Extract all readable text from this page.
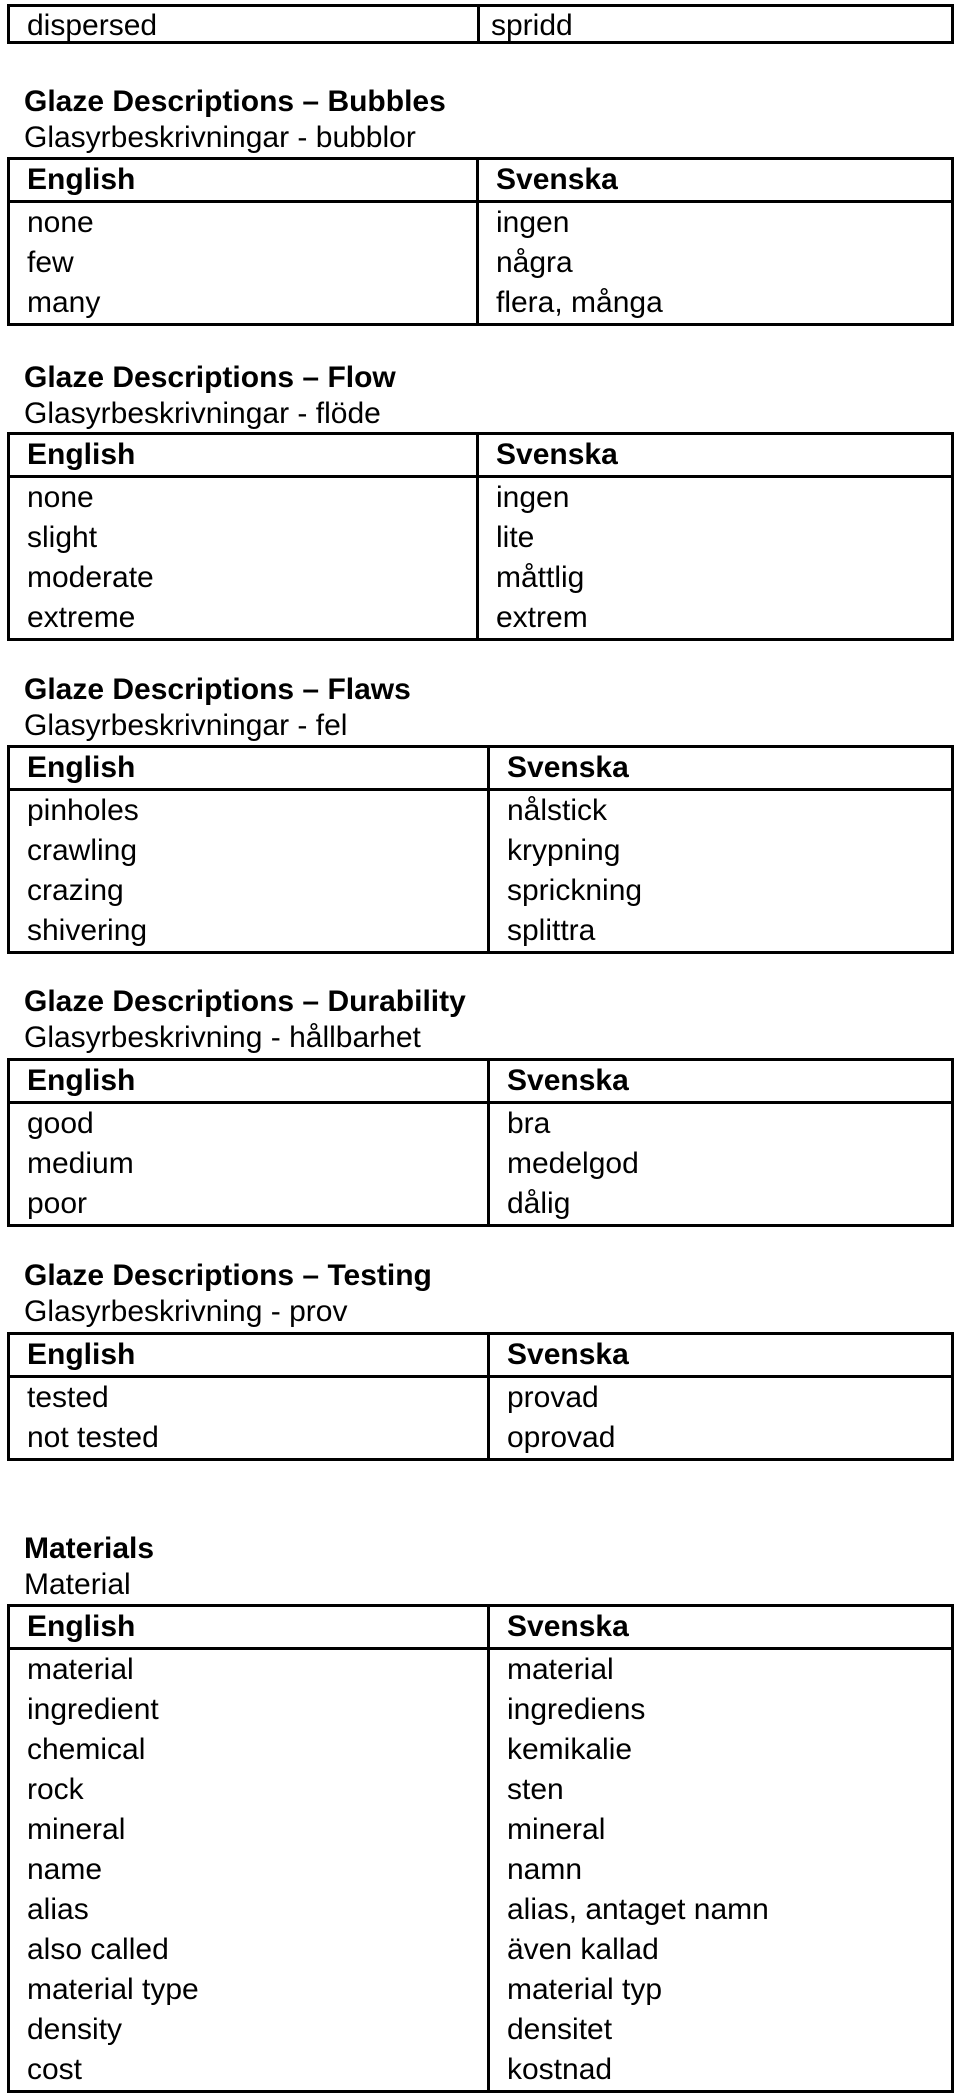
dispersed	spridd
Glaze Descriptions – Bubbles
Glasyrbeskrivningar - bubblor
English	Svenska
none	ingen
few	några
many	flera, många
Glaze Descriptions – Flow
Glasyrbeskrivningar - flöde
English	Svenska
none	ingen
slight	lite
moderate	måttlig
extreme	extrem
Glaze Descriptions – Flaws
Glasyrbeskrivningar - fel
English	Svenska
pinholes	nålstick
crawling	krypning
crazing	sprickning
shivering	splittra
Glaze Descriptions – Durability
Glasyrbeskrivning - hållbarhet
English	Svenska
good	bra
medium	medelgod
poor	dålig
Glaze Descriptions – Testing
Glasyrbeskrivning - prov
English	Svenska
tested	provad
not tested	oprovad
Materials
Material
English	Svenska
material	material
ingredient	ingrediens
chemical	kemikalie
rock	sten
mineral	mineral
name	namn
alias	alias, antaget namn
also called	även kallad
material type	material typ
density	densitet
cost	kostnad
